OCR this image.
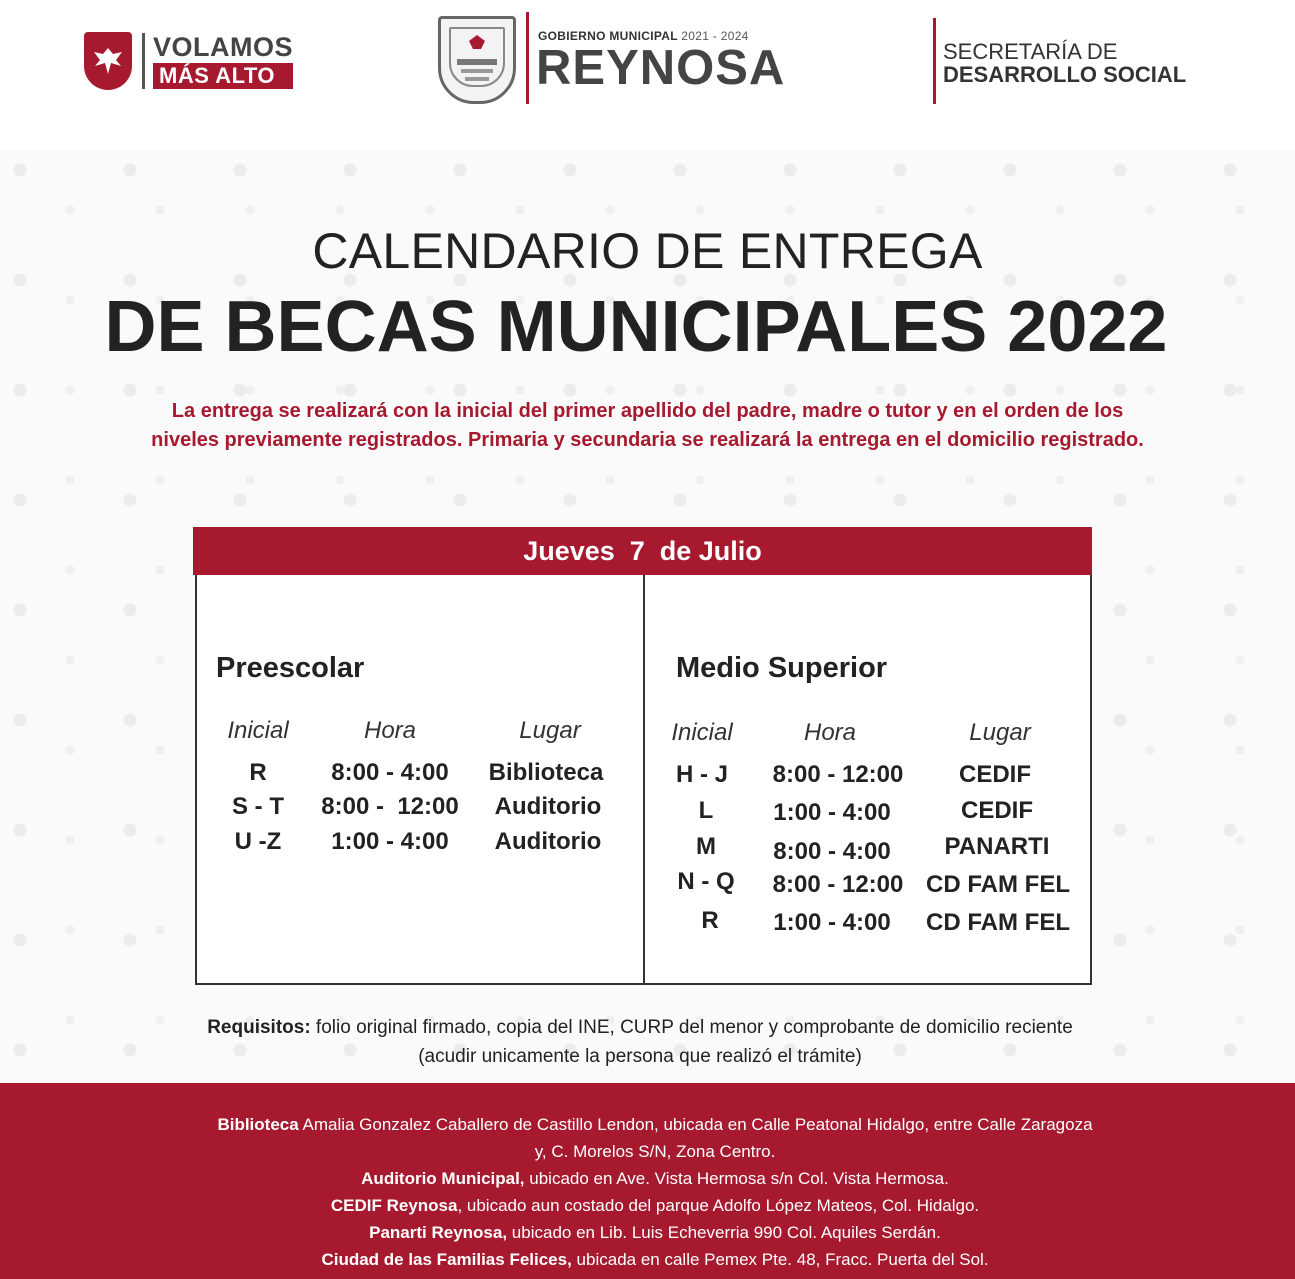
VOLAMOS
MÁS ALTO
GOBIERNO MUNICIPAL 2021 - 2024
REYNOSA	SECRETARÍA DE
DESARROLLO SOCIAL
CALENDARIO DE ENTREGA
DE BECAS MUNICIPALES 2022
La entrega se realizará con la inicial del primer apellido del padre, madre o tutor y en el orden de los
niveles previamente registrados. Primaria y secundaria se realizará la entrega en el domicilio registrado.
Jueves  7  de Julio
Preescolar
Inicial	Hora	Lugar
R	8:00 - 4:00	Biblioteca
S - T	8:00 -  12:00	Auditorio
U -Z	1:00 - 4:00	Auditorio
Medio Superior
Inicial	Hora	Lugar
H - J	8:00 - 12:00	CEDIF
L	1:00 - 4:00	CEDIF
M	8:00 - 4:00	PANARTI
N - Q	8:00 - 12:00 CD FAM FEL
R	1:00 - 4:00	CD FAM FEL
Requisitos: folio original firmado, copia del INE, CURP del menor y comprobante de domicilio reciente
(acudir unicamente la persona que realizó el trámite)
Biblioteca Amalia Gonzalez Caballero de Castillo Lendon, ubicada en Calle Peatonal Hidalgo, entre Calle Zaragoza
y, C. Morelos S/N, Zona Centro.
Auditorio Municipal, ubicado en Ave. Vista Hermosa s/n Col. Vista Hermosa.
CEDIF Reynosa, ubicado aun costado del parque Adolfo López Mateos, Col. Hidalgo.
Panarti Reynosa, ubicado en Lib. Luis Echeverria 990 Col. Aquiles Serdán.
Ciudad de las Familias Felices, ubicada en calle Pemex Pte. 48, Fracc. Puerta del Sol.
